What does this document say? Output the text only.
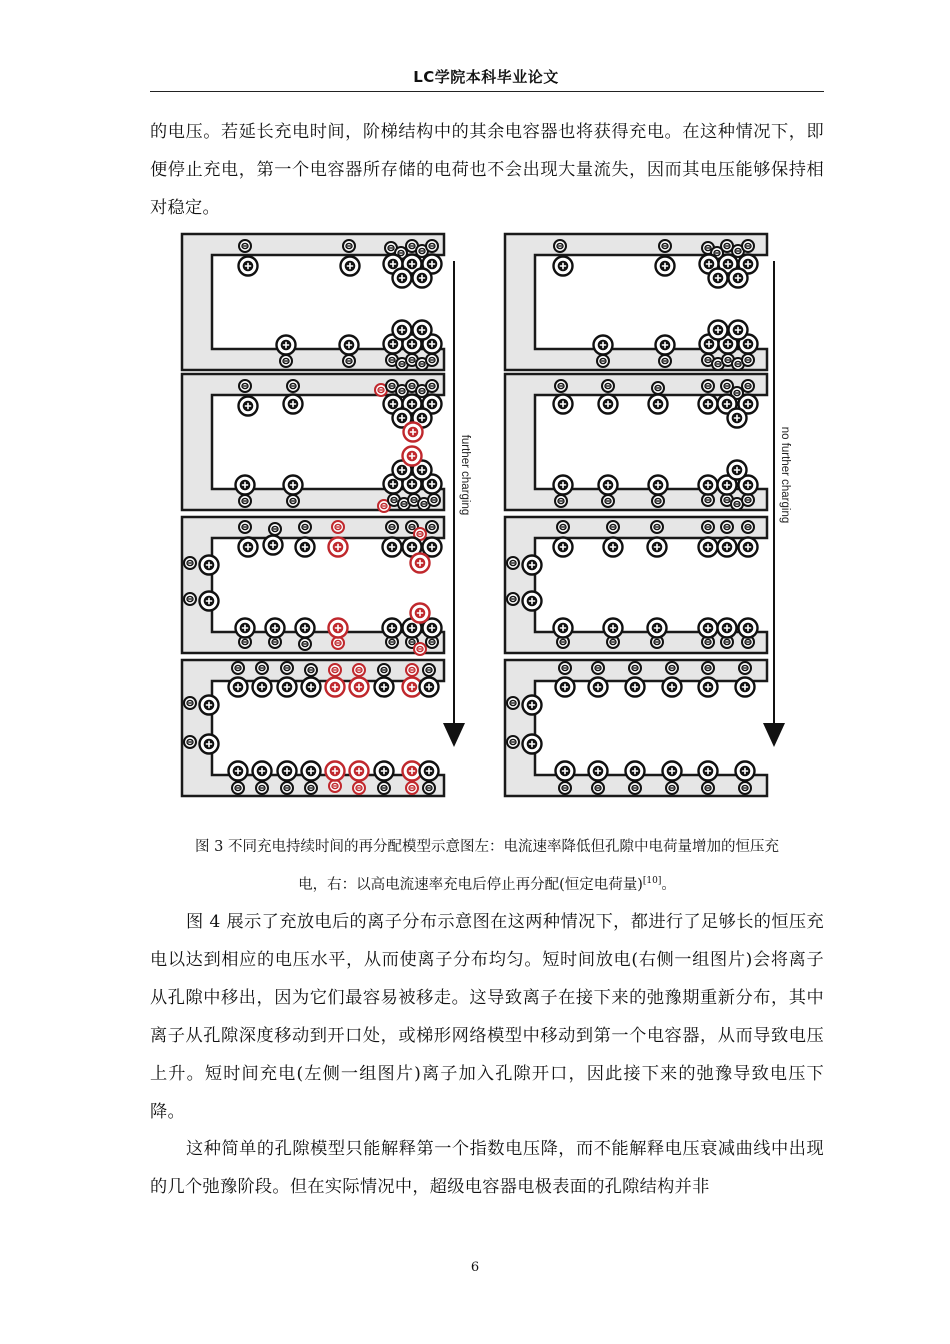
LC学院本科毕业论文
的电压。若延长充电时间，阶梯结构中的其余电容器也将获得充电。在这种情况下，即便停止充电，第一个电容器所存储的电荷也不会出现大量流失，因而其电压能够保持相对稳定。
further charging	no further charging
图 3 不同充电持续时间的再分配模型示意图左：电流速率降低但孔隙中电荷量增加的恒压充
电，右：以高电流速率充电后停止再分配(恒定电荷量)[10]。
图 4 展示了充放电后的离子分布示意图在这两种情况下，都进行了足够长的恒压充电以达到相应的电压水平，从而使离子分布均匀。短时间放电(右侧一组图片)会将离子从孔隙中移出，因为它们最容易被移走。这导致离子在接下来的弛豫期重新分布，其中离子从孔隙深度移动到开口处，或梯形网络模型中移动到第一个电容器，从而导致电压上升。短时间充电(左侧一组图片)离子加入孔隙开口，因此接下来的弛豫导致电压下降。
这种简单的孔隙模型只能解释第一个指数电压降，而不能解释电压衰减曲线中出现的几个弛豫阶段。但在实际情况中，超级电容器电极表面的孔隙结构并非
6
